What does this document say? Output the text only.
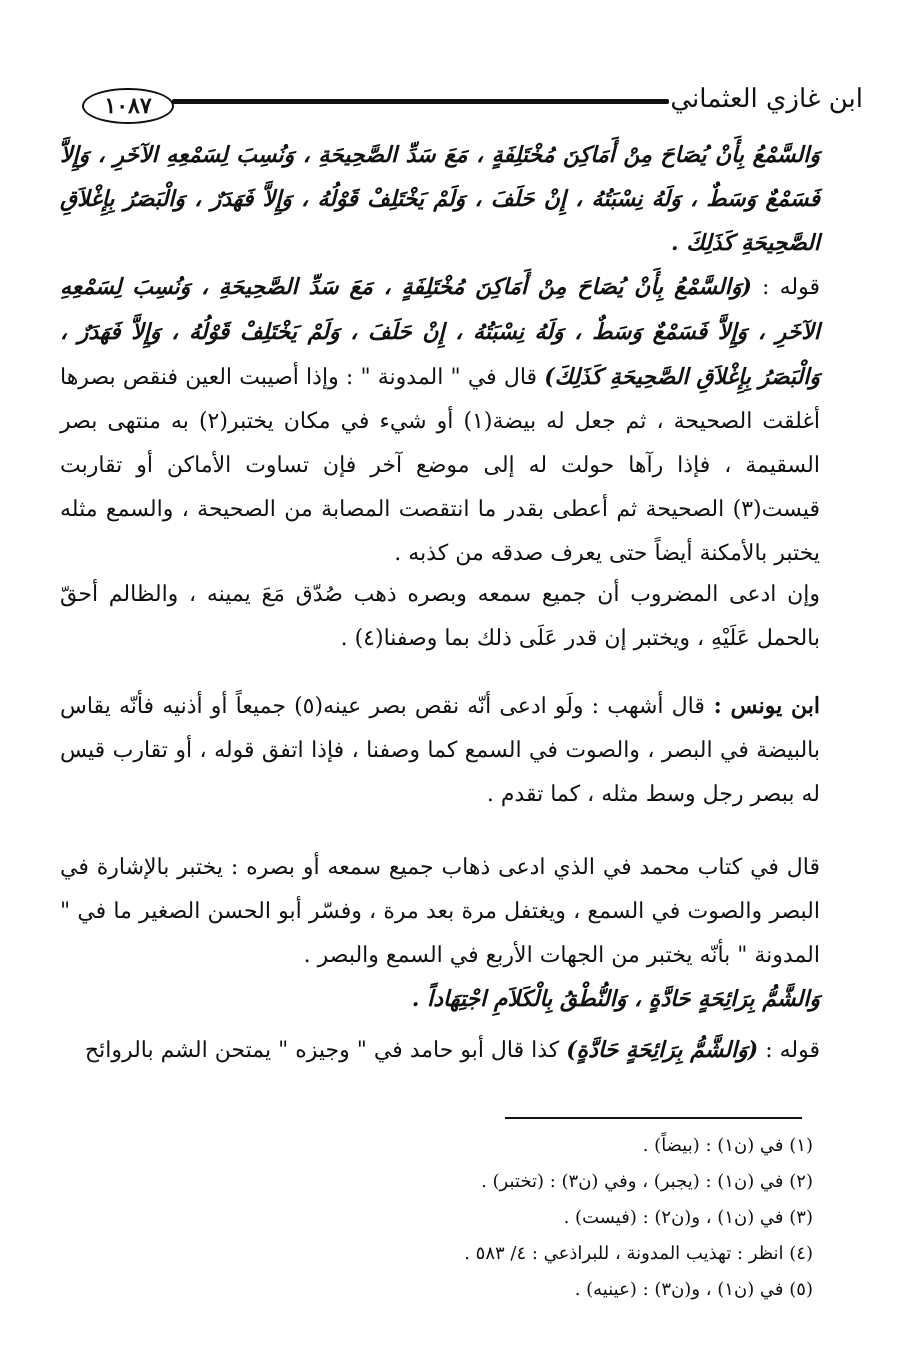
١٠٨٧	ابن غازي العثماني
وَالسَّمْعُ بِأَنْ يُصَاحَ مِنْ أَمَاكِنَ مُخْتَلِفَةٍ ، مَعَ سَدِّ الصَّحِيحَةِ ، وَنُسِبَ لِسَمْعِهِ الآخَرِ ، وَإِلاَّ فَسَمْعٌ وَسَطٌ ، وَلَهُ نِسْبَتُهُ ، إِنْ حَلَفَ ، وَلَمْ يَخْتَلِفْ قَوْلُهُ ، وَإِلاَّ فَهَدَرٌ ، وَالْبَصَرُ بِإِغْلاَقِ الصَّحِيحَةِ كَذَلِكَ .
قوله : (وَالسَّمْعُ بِأَنْ يُصَاحَ مِنْ أَمَاكِنَ مُخْتَلِفَةٍ ، مَعَ سَدِّ الصَّحِيحَةِ ، وَنُسِبَ لِسَمْعِهِ الآخَرِ ، وَإِلاَّ فَسَمْعٌ وَسَطٌ ، وَلَهُ نِسْبَتُهُ ، إِنْ حَلَفَ ، وَلَمْ يَخْتَلِفْ قَوْلُهُ ، وَإِلاَّ فَهَدَرٌ ، وَالْبَصَرُ بِإِغْلاَقِ الصَّحِيحَةِ كَذَلِكَ) قال في " المدونة " : وإذا أصيبت العين فنقص بصرها أغلقت الصحيحة ، ثم جعل له بيضة(١) أو شيء في مكان يختبر(٢) به منتهى بصر السقيمة ، فإذا رآها حولت له إلى موضع آخر فإن تساوت الأماكن أو تقاربت قيست(٣) الصحيحة ثم أعطى بقدر ما انتقصت المصابة من الصحيحة ، والسمع مثله يختبر بالأمكنة أيضاً حتى يعرف صدقه من كذبه .
وإن ادعى المضروب أن جميع سمعه وبصره ذهب صُدّق مَعَ يمينه ، والظالم أحقّ بالحمل عَلَيْهِ ، ويختبر إن قدر عَلَى ذلك بما وصفنا(٤) .
ابن يونس : قال أشهب : ولَو ادعى أنّه نقص بصر عينه(٥) جميعاً أو أذنيه فأنّه يقاس بالبيضة في البصر ، والصوت في السمع كما وصفنا ، فإذا اتفق قوله ، أو تقارب قيس له ببصر رجل وسط مثله ، كما تقدم .
قال في كتاب محمد في الذي ادعى ذهاب جميع سمعه أو بصره : يختبر بالإشارة في البصر والصوت في السمع ، ويغتفل مرة بعد مرة ، وفسّر أبو الحسن الصغير ما في " المدونة " بأنّه يختبر من الجهات الأربع في السمع والبصر .
وَالشَّمُّ بِرَائِحَةٍ حَادَّةٍ ، وَالنُّطْقُ بِالْكَلاَمِ اجْتِهَاداً .
قوله : (وَالشَّمُّ بِرَائِحَةٍ حَادَّةٍ) كذا قال أبو حامد في " وجيزه " يمتحن الشم بالروائح
(١) في (ن١) : (بيضاً) .
(٢) في (ن١) : (يجبر) ، وفي (ن٣) : (تختبر) .
(٣) في (ن١) ، و(ن٢) : (فيست) .
(٤) انظر : تهذيب المدونة ، للبراذعي : ٤/ ٥٨٣ .
(٥) في (ن١) ، و(ن٣) : (عينيه) .
